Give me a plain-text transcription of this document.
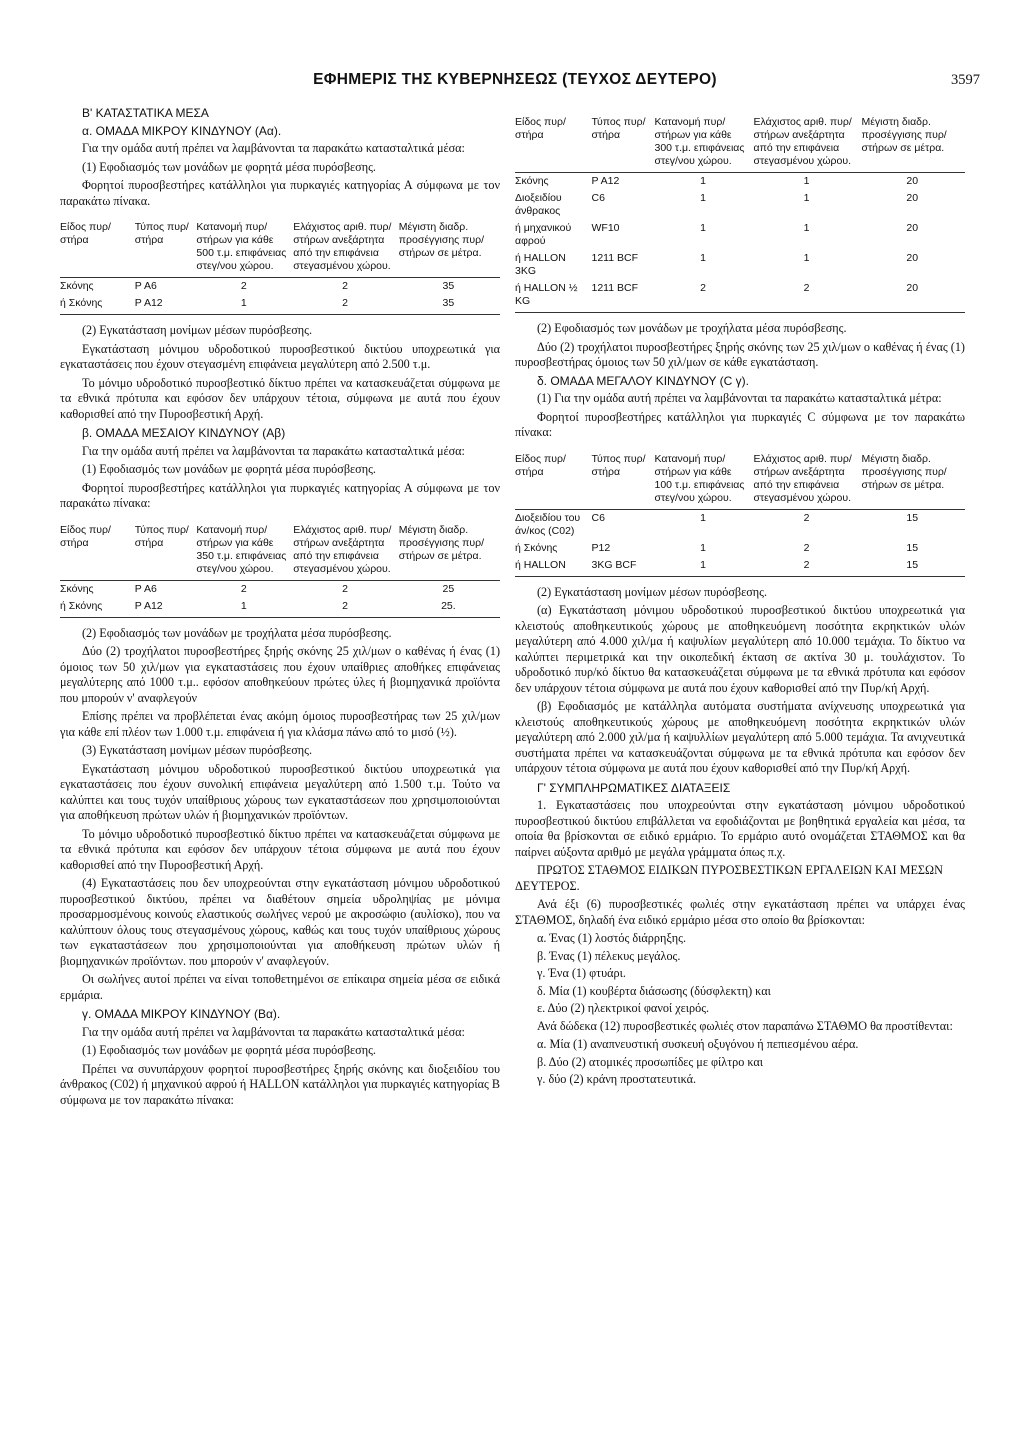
ΕΦΗΜΕΡΙΣ ΤΗΣ ΚΥΒΕΡΝΗΣΕΩΣ (ΤΕΥΧΟΣ ΔΕΥΤΕΡΟ)	3597
Β' ΚΑΤΑΣΤΑΤΙΚΑ ΜΕΣΑ
α. ΟΜΑΔΑ ΜΙΚΡΟΥ ΚΙΝΔΥΝΟΥ (Αα).

Για την ομάδα αυτή πρέπει να λαμβάνονται τα παρακάτω κατασταλτικά μέσα:

(1) Εφοδιασμός των μονάδων με φορητά μέσα πυρόσβεσης.

Φορητοί πυροσβεστήρες κατάλληλοι για πυρκαγιές κατηγορίας Α σύμφωνα με τον παρακάτω πίνακα.

Είδος πυρ/στήρα	Τύπος πυρ/στήρα	Κατανομή πυρ/στήρων για κάθε 500 τ.μ. επιφάνειας στεγ/νου χώρου.	Ελάχιστος αριθ. πυρ/στήρων ανεξάρτητα από την επιφάνεια στεγασμένου χώρου.	Μέγιστη διαδρ. προσέγγισης πυρ/στήρων σε μέτρα.
Σκόνης	Ρ Α6	2	2	35
ή Σκόνης	Ρ Α12	1	2	35

(2) Εγκατάσταση μονίμων μέσων πυρόσβεσης.

Εγκατάσταση μόνιμου υδροδοτικού πυροσβεστικού δικτύου υποχρεωτικά για εγκαταστάσεις που έχουν στεγασμένη επιφάνεια μεγαλύτερη από 2.500 τ.μ.

Το μόνιμο υδροδοτικό πυροσβεστικό δίκτυο πρέπει να κατασκευάζεται σύμφωνα με τα εθνικά πρότυπα και εφόσον δεν υπάρχουν τέτοια, σύμφωνα με αυτά που έχουν καθορισθεί από την Πυροσβεστική Αρχή.

β. ΟΜΑΔΑ ΜΕΣΑΙΟΥ ΚΙΝΔΥΝΟΥ (Αβ)

Για την ομάδα αυτή πρέπει να λαμβάνονται τα παρακάτω κατασταλτικά μέσα:

(1) Εφοδιασμός των μονάδων με φορητά μέσα πυρόσβεσης.

Φορητοί πυροσβεστήρες κατάλληλοι για πυρκαγιές κατηγορίας Α σύμφωνα με τον παρακάτω πίνακα:

Είδος πυρ/στήρα	Τύπος πυρ/στήρα	Κατανομή πυρ/στήρων για κάθε 350 τ.μ. επιφάνειας στεγ/νου χώρου.	Ελάχιστος αριθ. πυρ/στήρων ανεξάρτητα από την επιφάνεια στεγασμένου χώρου.	Μέγιστη διαδρ. προσέγγισης πυρ/στήρων σε μέτρα.
Σκόνης	Ρ Α6	2	2	25
ή Σκόνης	Ρ Α12	1	2	25.

(2) Εφοδιασμός των μονάδων με τροχήλατα μέσα πυρόσβεσης.

Δύο (2) τροχήλατοι πυροσβεστήρες ξηρής σκόνης 25 χιλ/μων ο καθένας ή ένας (1) όμοιος των 50 χιλ/μων για εγκαταστάσεις που έχουν υπαίθριες αποθήκες επιφάνειας μεγαλύτερης από 1000 τ.μ.. εφόσον αποθηκεύουν πρώτες ύλες ή βιομηχανικά προϊόντα που μπορούν ν' αναφλεγούν

Επίσης πρέπει να προβλέπεται ένας ακόμη όμοιος πυροσβεστήρας των 25 χιλ/μων για κάθε επί πλέον των 1.000 τ.μ. επιφάνεια ή για κλάσμα πάνω από το μισό (½).

(3) Εγκατάσταση μονίμων μέσων πυρόσβεσης.

Εγκατάσταση μόνιμου υδροδοτικού πυροσβεστικού δικτύου υποχρεωτικά για εγκαταστάσεις που έχουν συνολική επιφάνεια μεγαλύτερη από 1.500 τ.μ. Τούτο να καλύπτει και τους τυχόν υπαίθριους χώρους των εγκαταστάσεων που χρησιμοποιούνται για αποθήκευση πρώτων υλών ή βιομηχανικών προϊόντων.

Το μόνιμο υδροδοτικό πυροσβεστικό δίκτυο πρέπει να κατασκευάζεται σύμφωνα με τα εθνικά πρότυπα και εφόσον δεν υπάρχουν τέτοια σύμφωνα με αυτά που έχουν καθορισθεί από την Πυροσβεστική Αρχή.

(4) Εγκαταστάσεις που δεν υποχρεούνται στην εγκατάσταση μόνιμου υδροδοτικού πυροσβεστικού δικτύου, πρέπει να διαθέτουν σημεία υδροληψίας με μόνιμα προσαρμοσμένους κοινούς ελαστικούς σωλήνες νερού με ακροσώφιο (αυλίσκο), που να καλύπτουν όλους τους στεγασμένους χώρους, καθώς και τους τυχόν υπαίθριους χώρους των εγκαταστάσεων που χρησιμοποιούνται για αποθήκευση πρώτων υλών ή βιομηχανικών προϊόντων. που μπορούν ν' αναφλεγούν.

Οι σωλήνες αυτοί πρέπει να είναι τοποθετημένοι σε επίκαιρα σημεία μέσα σε ειδικά ερμάρια.

γ. ΟΜΑΔΑ ΜΙΚΡΟΥ ΚΙΝΔΥΝΟΥ (Βα).

Για την ομάδα αυτή πρέπει να λαμβάνονται τα παρακάτω κατασταλτικά μέσα:

(1) Εφοδιασμός των μονάδων με φορητά μέσα πυρόσβεσης.

Πρέπει να συνυπάρχουν φορητοί πυροσβεστήρες ξηρής σκόνης και διοξειδίου του άνθρακος (C02) ή μηχανικού αφρού ή HALLON κατάλληλοι για πυρκαγιές κατηγορίας Β σύμφωνα με τον παρακάτω πίνακα:

Είδος πυρ/στήρα	Τύπος πυρ/στήρα	Κατανομή πυρ/στήρων για κάθε 300 τ.μ. επιφάνειας στεγ/νου χώρου.	Ελάχιστος αριθ. πυρ/στήρων ανεξάρτητα από την επιφάνεια στεγασμένου χώρου.	Μέγιστη διαδρ. προσέγγισης πυρ/στήρων σε μέτρα.
Σκόνης	Ρ Α12	1	1	20
Διοξειδίου άνθρακος	C6	1	1	20
ή μηχανικού αφρού	WF10	1	1	20
ή HALLON 3KG	1211 BCF	1	1	20
ή HALLON ½ KG	1211 BCF	2	2	20

(2) Εφοδιασμός των μονάδων με τροχήλατα μέσα πυρόσβεσης.

Δύο (2) τροχήλατοι πυροσβεστήρες ξηρής σκόνης των 25 χιλ/μων ο καθένας ή ένας (1) πυροσβεστήρας όμοιος των 50 χιλ/μων σε κάθε εγκατάσταση.

δ. ΟΜΑΔΑ ΜΕΓΑΛΟΥ ΚΙΝΔΥΝΟΥ (C γ).

(1) Για την ομάδα αυτή πρέπει να λαμβάνονται τα παρακάτω κατασταλτικά μέτρα:

Φορητοί πυροσβεστήρες κατάλληλοι για πυρκαγιές C σύμφωνα με τον παρακάτω πίνακα:

Είδος πυρ/στήρα	Τύπος πυρ/στήρα	Κατανομή πυρ/στήρων για κάθε 100 τ.μ. επιφάνειας στεγ/νου χώρου.	Ελάχιστος αριθ. πυρ/στήρων ανεξάρτητα από την επιφάνεια στεγασμένου χώρου.	Μέγιστη διαδρ. προσέγγισης πυρ/στήρων σε μέτρα.
Διοξειδίου του άν/κος (C02)	C6	1	2	15
ή Σκόνης	P12	1	2	15
ή HALLON	3KG BCF	1	2	15

(2) Εγκατάσταση μονίμων μέσων πυρόσβεσης.

(α) Εγκατάσταση μόνιμου υδροδοτικού πυροσβεστικού δικτύου υποχρεωτικά για κλειστούς αποθηκευτικούς χώρους με αποθηκευόμενη ποσότητα εκρηκτικών υλών μεγαλύτερη από 4.000 χιλ/μα ή καψυλίων μεγαλύτερη από 10.000 τεμάχια. Το δίκτυο να καλύπτει περιμετρικά και την οικοπεδική έκταση σε ακτίνα 30 μ. τουλάχιστον. Το υδροδοτικό πυρ/κό δίκτυο θα κατασκευάζεται σύμφωνα με τα εθνικά πρότυπα και εφόσον δεν υπάρχουν τέτοια σύμφωνα με αυτά που έχουν καθορισθεί από την Πυρ/κή Αρχή.

(β) Εφοδιασμός με κατάλληλα αυτόματα συστήματα ανίχνευσης υποχρεωτικά για κλειστούς αποθηκευτικούς χώρους με αποθηκευόμενη ποσότητα εκρηκτικών υλών μεγαλύτερη από 2.000 χιλ/μα ή καψυλλίων μεγαλύτερη από 5.000 τεμάχια. Τα ανιχνευτικά συστήματα πρέπει να κατασκευάζονται σύμφωνα με τα εθνικά πρότυπα και εφόσον δεν υπάρχουν τέτοια σύμφωνα με αυτά που έχουν καθορισθεί από την Πυρ/κή Αρχή.

Γ' ΣΥΜΠΛΗΡΩΜΑΤΙΚΕΣ ΔΙΑΤΑΞΕΙΣ

1. Εγκαταστάσεις που υποχρεούνται στην εγκατάσταση μόνιμου υδροδοτικού πυροσβεστικού δικτύου επιβάλλεται να εφοδιάζονται με βοηθητικά εργαλεία και μέσα, τα οποία θα βρίσκονται σε ειδικό ερμάριο. Το ερμάριο αυτό ονομάζεται ΣΤΑΘΜΟΣ και θα παίρνει αύξοντα αριθμό με μεγάλα γράμματα όπως π.χ.

ΠΡΩΤΟΣ ΣΤΑΘΜΟΣ ΕΙΔΙΚΩΝ ΠΥΡΟΣΒΕΣΤΙΚΩΝ ΕΡΓΑΛΕΙΩΝ ΚΑΙ ΜΕΣΩΝ ΔΕΥΤΕΡΟΣ.

Ανά έξι (6) πυροσβεστικές φωλιές στην εγκατάσταση πρέπει να υπάρχει ένας ΣΤΑΘΜΟΣ, δηλαδή ένα ειδικό ερμάριο μέσα στο οποίο θα βρίσκονται:

α. Ένας (1) λοστός διάρρηξης.
β. Ένας (1) πέλεκυς μεγάλος.
γ. Ένα (1) φτυάρι.
δ. Μία (1) κουβέρτα διάσωσης (δύσφλεκτη) και
ε. Δύο (2) ηλεκτρικοί φανοί χειρός.

Ανά δώδεκα (12) πυροσβεστικές φωλιές στον παραπάνω ΣΤΑΘΜΟ θα προστίθενται:

α. Μία (1) αναπνευστική συσκευή οξυγόνου ή πεπιεσμένου αέρα.
β. Δύο (2) ατομικές προσωπίδες με φίλτρο και
γ. δύο (2) κράνη προστατευτικά.
